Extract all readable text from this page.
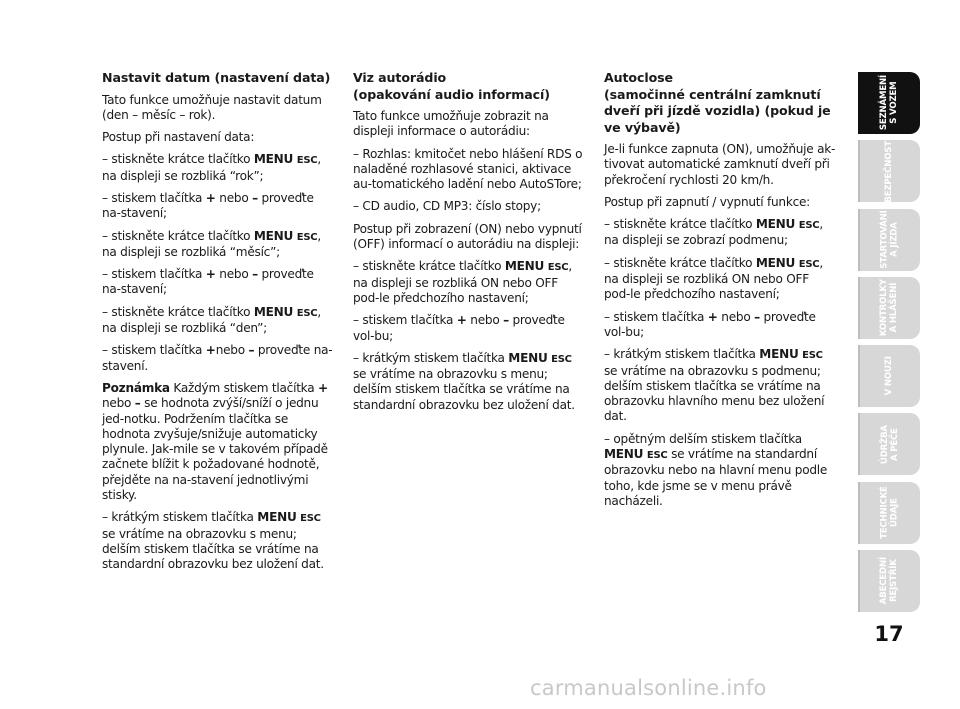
Nastavit datum (nastavení data)

Tato funkce umožňuje nastavit datum (den – měsíc – rok).

Postup při nastavení data:

– stiskněte krátce tlačítko MENU ESC, na displeji se rozbliká “rok”;

– stiskem tlačítka + nebo – proveďte na-stavení;

– stiskněte krátce tlačítko MENU ESC, na displeji se rozbliká “měsíc”;

– stiskem tlačítka + nebo – proveďte na-stavení;

– stiskněte krátce tlačítko MENU ESC, na displeji se rozbliká “den”;

– stiskem tlačítka +nebo – proveďte na-stavení.

Poznámka Každým stiskem tlačítka + nebo – se hodnota zvýší/sníží o jednu jed-notku. Podržením tlačítka se hodnota zvyšuje/snižuje automaticky plynule. Jak-mile se v takovém případě začnete blížit k požadované hodnotě, přejděte na na-stavení jednotlivými stisky.

– krátkým stiskem tlačítka MENU ESC se vrátíme na obrazovku s menu; delším stiskem tlačítka se vrátíme na standardní obrazovku bez uložení dat.

Viz autorádio
(opakování audio informací)

Tato funkce umožňuje zobrazit na displeji informace o autorádiu:

– Rozhlas: kmitočet nebo hlášení RDS o naladěné rozhlasové stanici, aktivace au-tomatického ladění nebo AutoSTore;

– CD audio, CD MP3: číslo stopy;

Postup při zobrazení (ON) nebo vypnutí (OFF) informací o autorádiu na displeji:

– stiskněte krátce tlačítko MENU ESC, na displeji se rozbliká ON nebo OFF pod-le předchozího nastavení;

– stiskem tlačítka + nebo – proveďte vol-bu;

– krátkým stiskem tlačítka MENU ESC se vrátíme na obrazovku s menu; delším stiskem tlačítka se vrátíme na standardní obrazovku bez uložení dat.

Autoclose
(samočinné centrální zamknutí dveří při jízdě vozidla) (pokud je ve výbavě)

Je-li funkce zapnuta (ON), umožňuje ak-tivovat automatické zamknutí dveří při překročení rychlosti 20 km/h.

Postup při zapnutí / vypnutí funkce:

– stiskněte krátce tlačítko MENU ESC, na displeji se zobrazí podmenu;

– stiskněte krátce tlačítko MENU ESC, na displeji se rozbliká ON nebo OFF pod-le předchozího nastavení;

– stiskem tlačítka + nebo – proveďte vol-bu;

– krátkým stiskem tlačítka MENU ESC se vrátíme na obrazovku s podmenu; delším stiskem tlačítka se vrátíme na obrazovku hlavního menu bez uložení dat.

– opětným delším stiskem tlačítka MENU ESC se vrátíme na standardní obrazovku nebo na hlavní menu podle toho, kde jsme se v menu právě nacházeli.

SEZNÁMENÍ
S VOZEM
BEZPEČNOST
STARTOVÁNÍ
A JÍZDA
KONTROLKY
A HLÁŠENÍ
V NOUZI
ÚDRŽBA
A PÉČE
TECHNICKÉ
ÚDAJE
ABECEDNÍ
REJSTŘÍK
17
carmanualsonline.info
